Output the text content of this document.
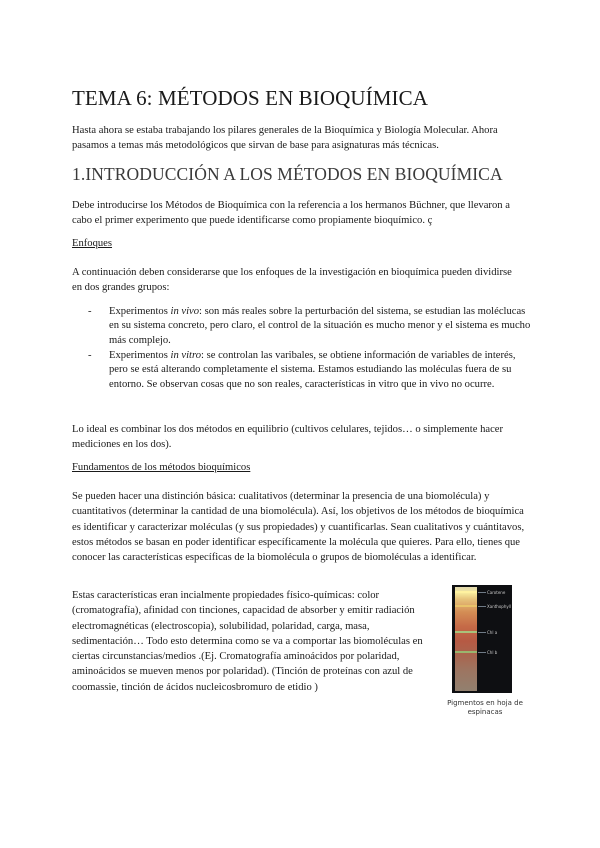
TEMA 6: MÉTODOS EN BIOQUÍMICA

Hasta ahora se estaba trabajando los pilares generales de la Bioquímica y Biología Molecular. Ahora pasamos a temas más metodológicos que sirvan de base para asignaturas más técnicas.

1.INTRODUCCIÓN A LOS MÉTODOS EN BIOQUÍMICA

Debe introducirse los Métodos de Bioquímica con la referencia a los hermanos Büchner, que llevaron a cabo el primer experimento que puede identificarse como propiamente bioquímico. ç

Enfoques

A continuación deben considerarse que los enfoques de la investigación en bioquímica pueden dividirse en dos grandes grupos:

- Experimentos in vivo: son más reales sobre la perturbación del sistema, se estudian las moléclucas en su sistema concreto, pero claro, el control de la situación es mucho menor y el sistema es mucho más complejo.
- Experimentos in vitro: se controlan las varibales, se obtiene información de variables de interés, pero se está alterando completamente el sistema. Estamos estudiando las moléculas fuera de su entorno. Se observan cosas que no son reales, características in vitro que in vivo no ocurre.

Lo ideal es combinar los dos métodos en equilibrio (cultivos celulares, tejidos… o simplemente hacer mediciones en los dos).

Fundamentos de los métodos bioquímicos

Se pueden hacer una distinción básica: cualitativos (determinar la presencia de una biomolécula) y cuantitativos (determinar la cantidad de una biomolécula). Así, los objetivos de los métodos de bioquímica es identificar y caracterizar moléculas (y sus propiedades) y cuantificarlas. Sean cualitativos y cuántitavos, estos métodos se basan en poder identificar específicamente la molécula que quieres. Para ello, tienes que conocer las características específicas de la biomolécula o grupos de biomoléculas a identificar.

Estas características eran incialmente propiedades físico-químicas: color (cromatografía), afinidad con tinciones, capacidad de absorber y emitir radiación electromagnéticas (electroscopia), solubilidad, polaridad, carga, masa, sedimentación… Todo esto determina como se va a comportar las biomoléculas en ciertas circunstancias/medios .(Ej. Cromatografía aminoácidos por polaridad, aminoácidos se mueven menos por polaridad). (Tinción de proteínas con azul de coomassie, tinción de ácidos nucleicosbromuro de etidio )

Carotene
Xanthophyll
Chl a
Chl b
Pigmentos en hoja de espinacas
